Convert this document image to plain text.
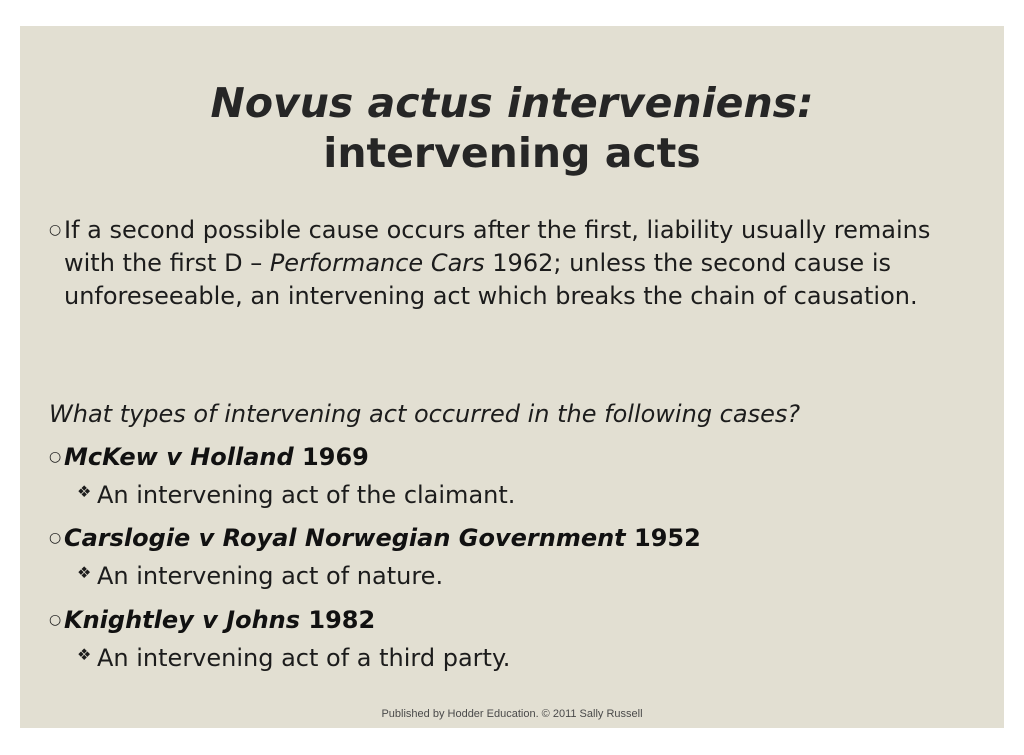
Novus actus interveniens:
intervening acts
○ If a second possible cause occurs after the first, liability usually remains with the first D – Performance Cars 1962; unless the second cause is unforeseeable, an intervening act which breaks the chain of causation.
What types of intervening act occurred in the following cases?
○ McKew v Holland 1969
❖ An intervening act of the claimant.
○ Carslogie v Royal Norwegian Government 1952
❖ An intervening act of nature.
○ Knightley v Johns 1982
❖ An intervening act of a third party.
Published by Hodder Education. © 2011 Sally Russell
